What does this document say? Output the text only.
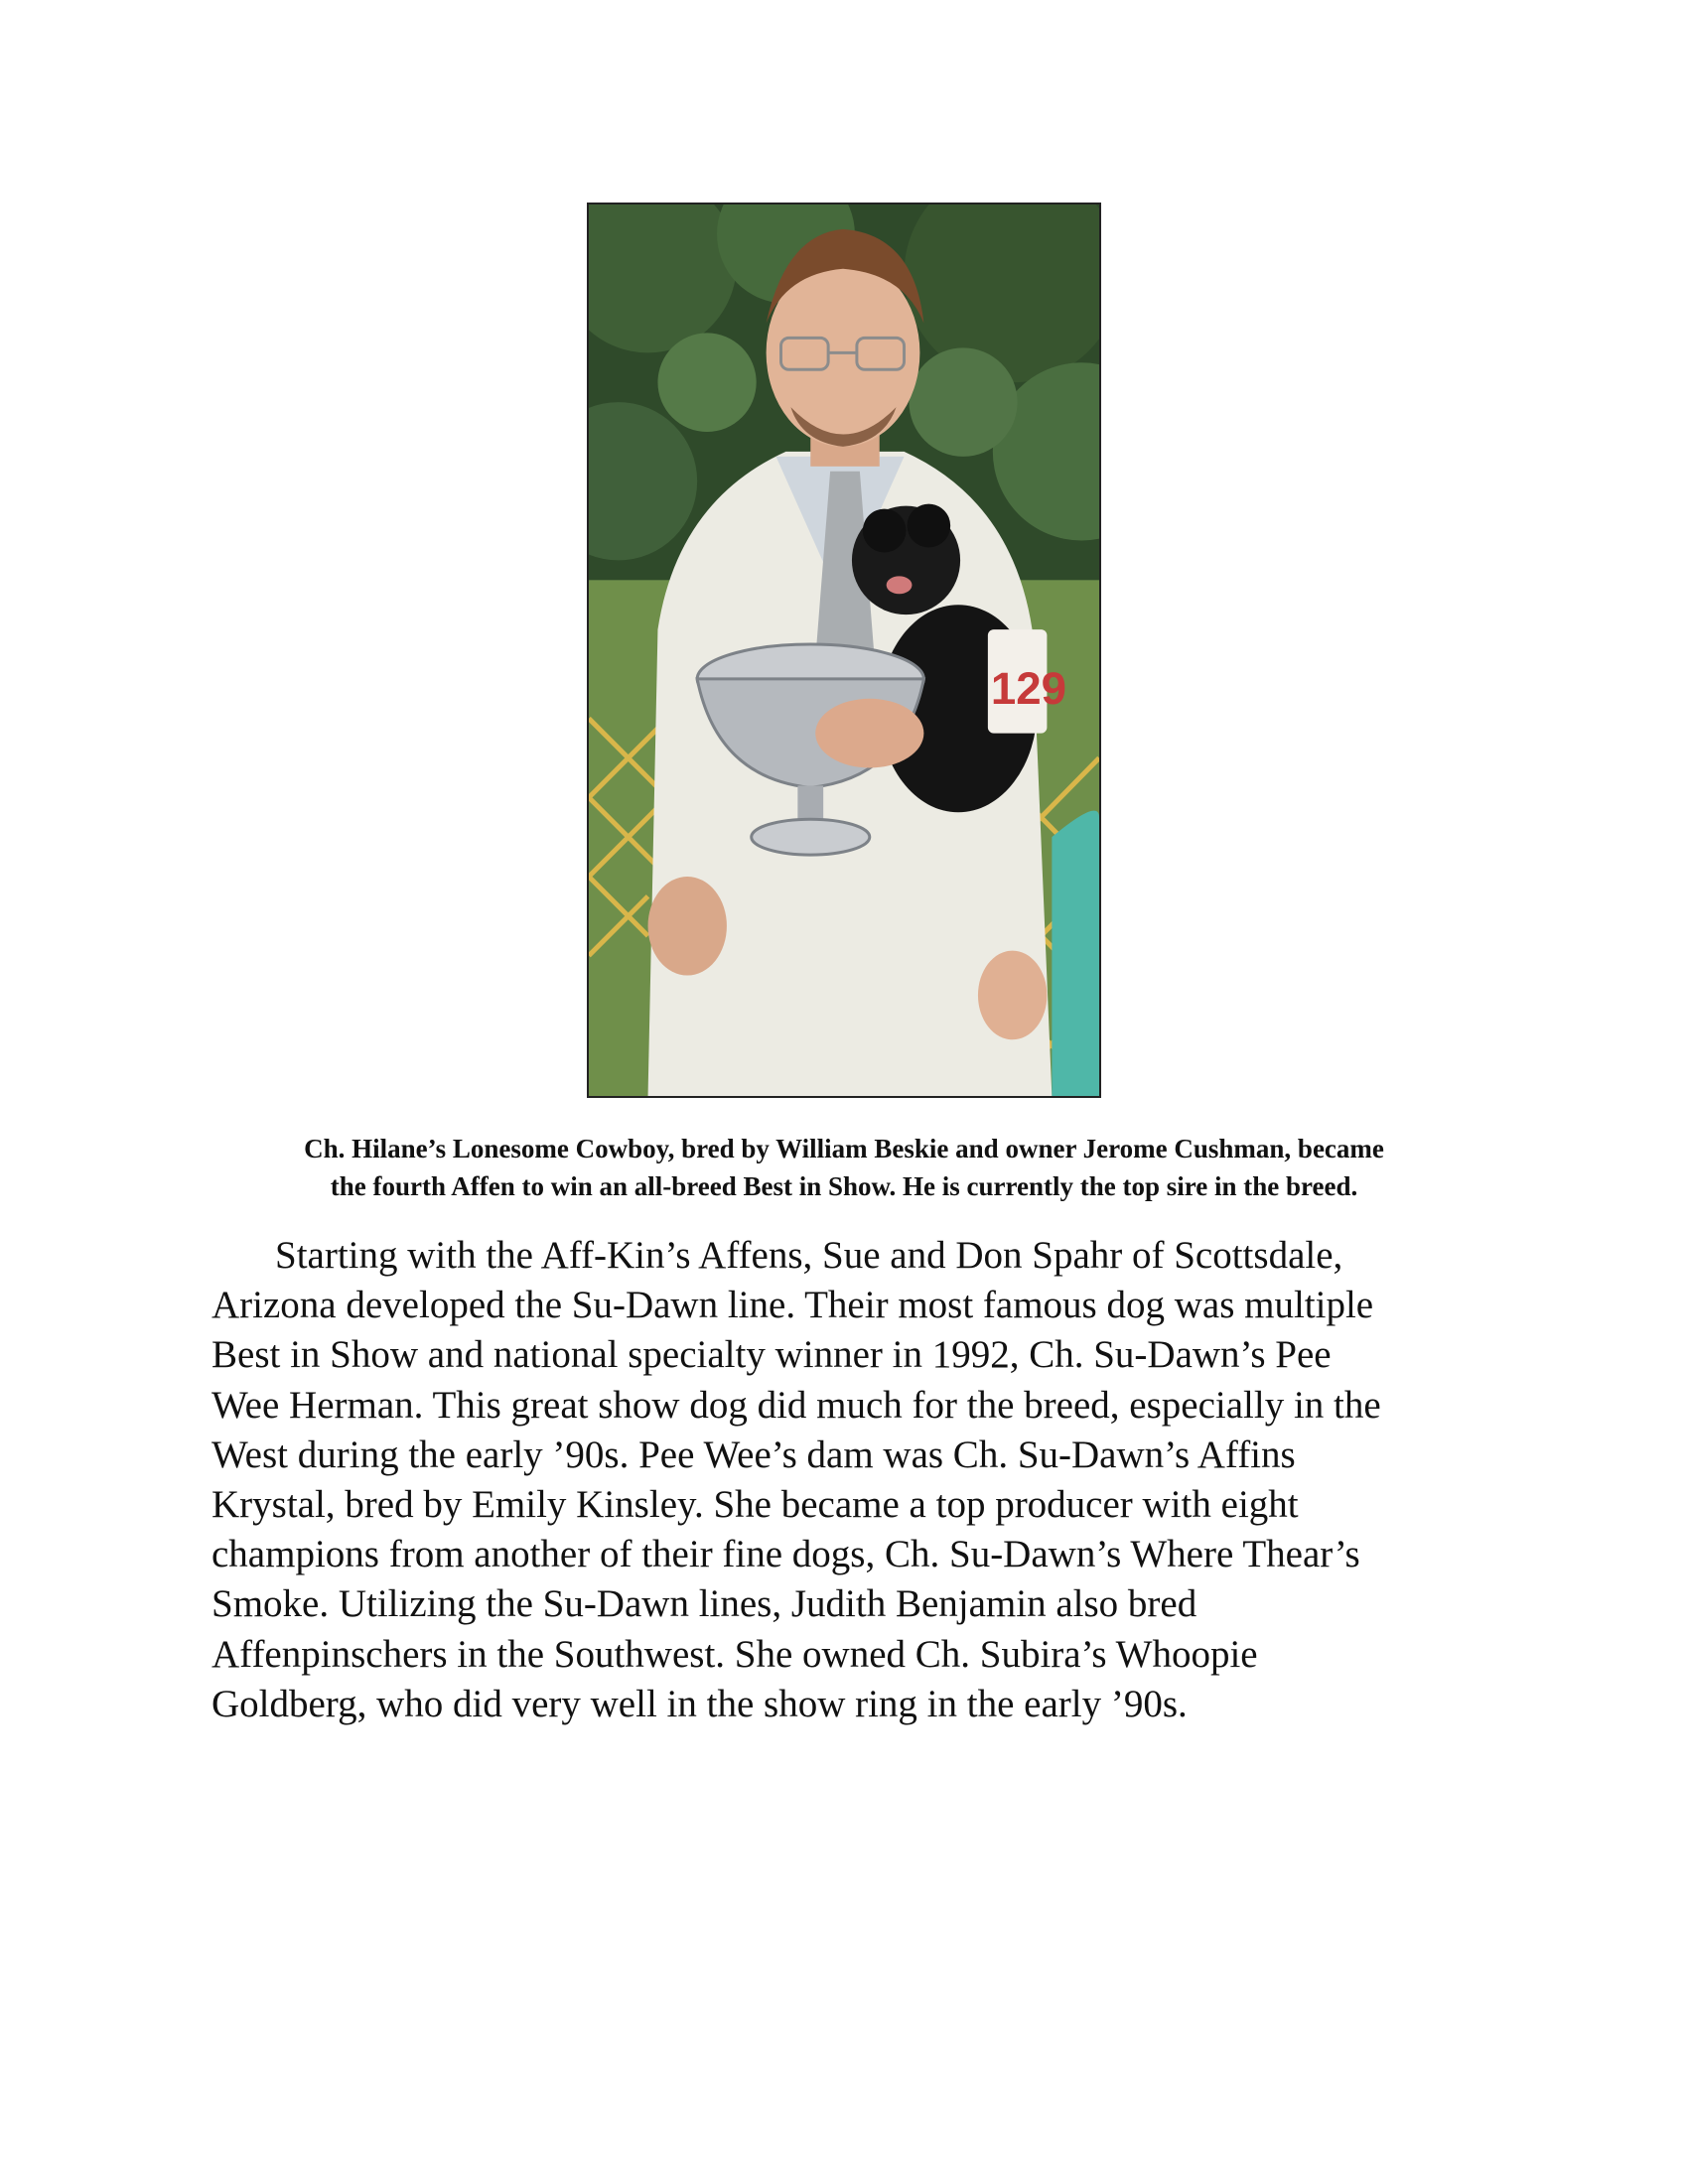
129

Ch. Hilane’s Lonesome Cowboy, bred by William Beskie and owner Jerome Cushman, became
the fourth Affen to win an all-breed Best in Show. He is currently the top sire in the breed.

Starting with the Aff-Kin’s Affens, Sue and Don Spahr of Scottsdale,
Arizona developed the Su-Dawn line. Their most famous dog was multiple
Best in Show and national specialty winner in 1992, Ch. Su-Dawn’s Pee
Wee Herman. This great show dog did much for the breed, especially in the
West during the early ’90s. Pee Wee’s dam was Ch. Su-Dawn’s Affins
Krystal, bred by Emily Kinsley. She became a top producer with eight
champions from another of their fine dogs, Ch. Su-Dawn’s Where Thear’s
Smoke. Utilizing the Su-Dawn lines, Judith Benjamin also bred
Affenpinschers in the Southwest. She owned Ch. Subira’s Whoopie
Goldberg, who did very well in the show ring in the early ’90s.
